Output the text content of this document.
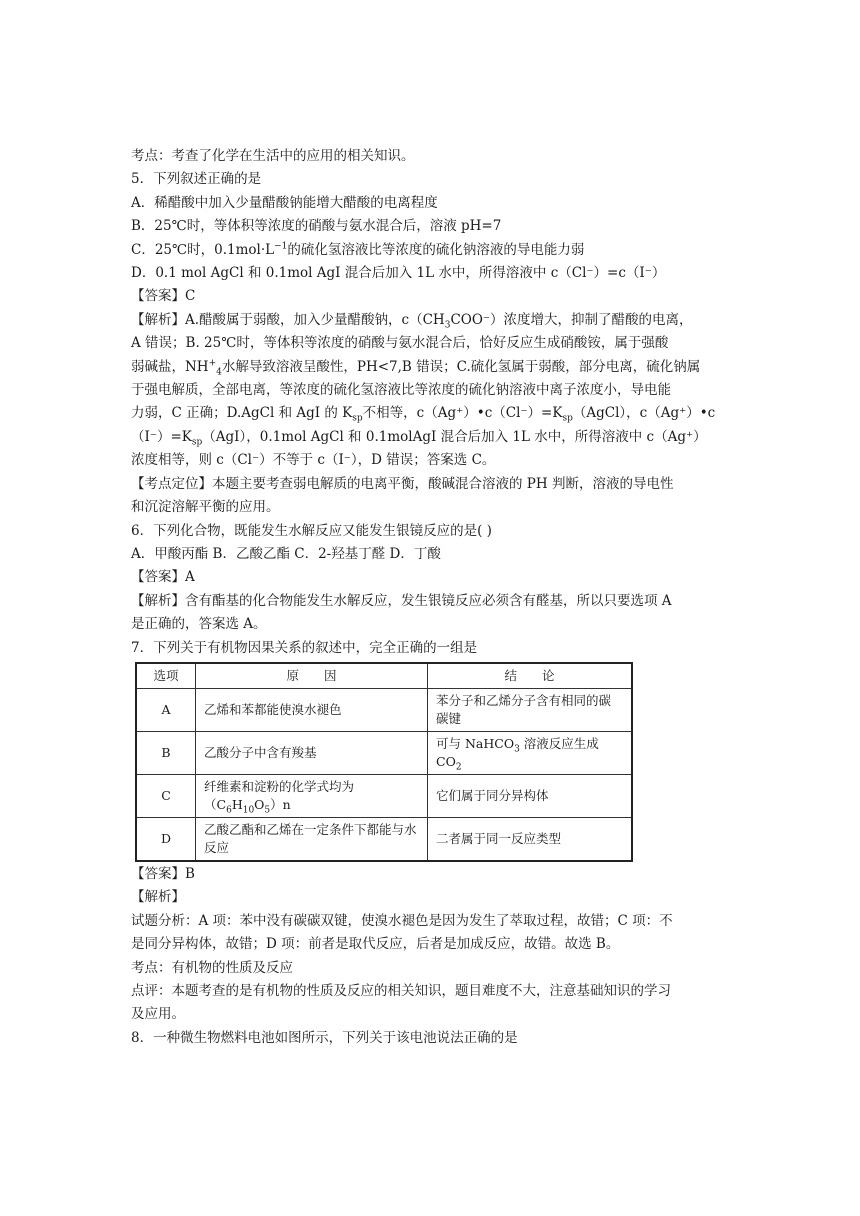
考点：考查了化学在生活中的应用的相关知识。
5．下列叙述正确的是
A．稀醋酸中加入少量醋酸钠能增大醋酸的电离程度
B．25℃时，等体积等浓度的硝酸与氨水混合后，溶液 pH=7
C．25℃时，$0.1mol\cdot L^{-1}$的硫化氢溶液比等浓度的硫化钠溶液的导电能力弱
D．0.1 mol AgCl 和 0.1mol AgI 混合后加入 1L 水中，所得溶液中 c（Cl⁻）=c（I⁻）
【答案】C
【解析】A.醋酸属于弱酸，加入少量醋酸钠，$c(CH_3COO^-)$浓度增大，抑制了醋酸的电离，
A 错误；B. 25℃时，等体积等浓度的硝酸与氨水混合后，恰好反应生成硝酸铵，属于强酸
弱碱盐，$NH^+_4$水解导致溶液呈酸性，PH<7,B 错误；C.硫化氢属于弱酸，部分电离，硫化钠属
于强电解质，全部电离，等浓度的硫化氢溶液比等浓度的硫化钠溶液中离子浓度小，导电能
力弱，C 正确；D.AgCl 和 AgI 的 $K_{sp}$不相等，$c(Ag^+)•c(Cl^-)=K_{sp}(AgCl)$，c（Ag⁺）•c
$(I^-)=K_{sp}(AgI)$，0.1mol AgCl 和 0.1molAgI 混合后加入 1L 水中，所得溶液中 c（Ag⁺）
浓度相等，则 c（Cl⁻）不等于 c（I⁻），D 错误；答案选 C。
【考点定位】本题主要考查弱电解质的电离平衡，酸碱混合溶液的 PH 判断，溶液的导电性
和沉淀溶解平衡的应用。
6．下列化合物，既能发生水解反应又能发生银镜反应的是( )
A．甲酸丙酯 B．乙酸乙酯 C．2-羟基丁醛 D．丁酸
【答案】A
【解析】含有酯基的化合物能发生水解反应，发生银镜反应必须含有醛基，所以只要选项 A
是正确的，答案选 A。
7．下列关于有机物因果关系的叙述中，完全正确的一组是
选项	原　　因	结　　论
A	乙烯和苯都能使溴水褪色	苯分子和乙烯分子含有相同的碳碳键
B	乙酸分子中含有羧基	可与 NaHCO$_3$ 溶液反应生成 $CO_2$
C	纤维素和淀粉的化学式均为
$(C_6H_{10}O_5)n$	它们属于同分异构体
D	乙酸乙酯和乙烯在一定条件下都能与水反应	二者属于同一反应类型
【答案】B
【解析】
试题分析：A 项：苯中没有碳碳双键，使溴水褪色是因为发生了萃取过程，故错；C 项：不
是同分异构体，故错；D 项：前者是取代反应，后者是加成反应，故错。故选 B。
考点：有机物的性质及反应
点评：本题考查的是有机物的性质及反应的相关知识，题目难度不大，注意基础知识的学习
及应用。
8．一种微生物燃料电池如图所示，下列关于该电池说法正确的是
